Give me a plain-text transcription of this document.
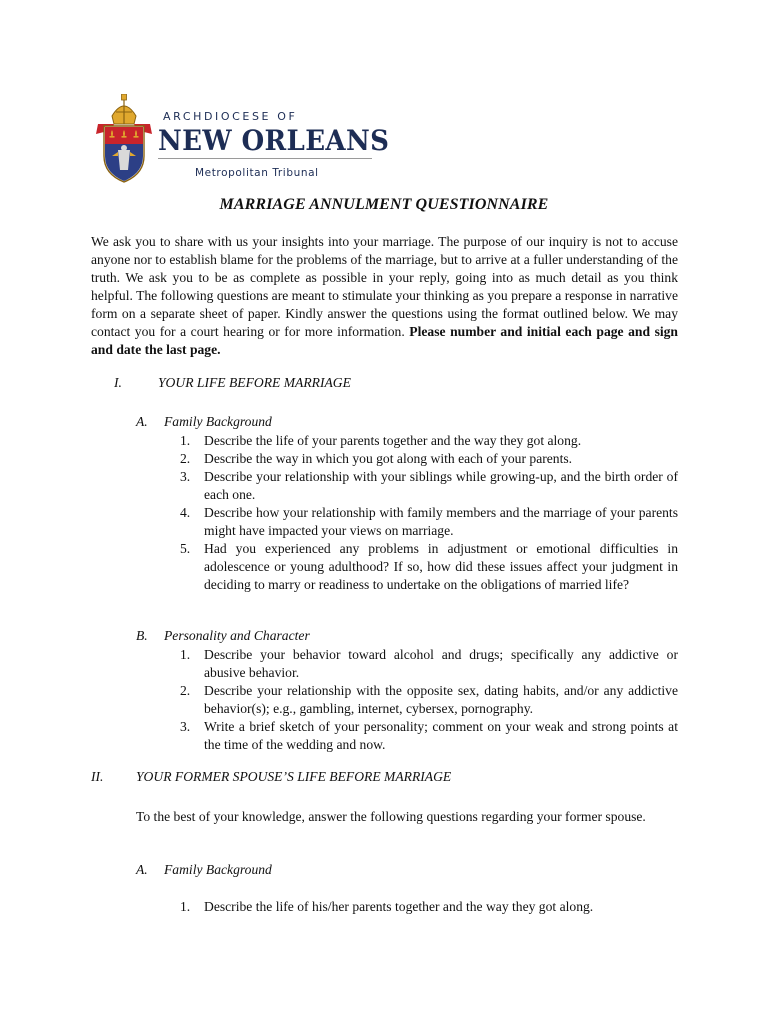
ARCHDIOCESE OF
NEW ORLEANS
Metropolitan Tribunal
MARRIAGE ANNULMENT QUESTIONNAIRE
We ask you to share with us your insights into your marriage. The purpose of our inquiry is not to accuse anyone nor to establish blame for the problems of the marriage, but to arrive at a fuller understanding of the truth. We ask you to be as complete as possible in your reply, going into as much detail as you think helpful. The following questions are meant to stimulate your thinking as you prepare a response in narrative form on a separate sheet of paper. Kindly answer the questions using the format outlined below. We may contact you for a court hearing or for more information. Please number and initial each page and sign and date the last page.
I.	YOUR LIFE BEFORE MARRIAGE
A. Family Background
1. Describe the life of your parents together and the way they got along.
2. Describe the way in which you got along with each of your parents.
3. Describe your relationship with your siblings while growing-up, and the birth order of each one.
4. Describe how your relationship with family members and the marriage of your parents might have impacted your views on marriage.
5. Had you experienced any problems in adjustment or emotional difficulties in adolescence or young adulthood? If so, how did these issues affect your judgment in deciding to marry or readiness to undertake on the obligations of married life?
B. Personality and Character
1. Describe your behavior toward alcohol and drugs; specifically any addictive or abusive behavior.
2. Describe your relationship with the opposite sex, dating habits, and/or any addictive behavior(s); e.g., gambling, internet, cybersex, pornography.
3. Write a brief sketch of your personality; comment on your weak and strong points at the time of the wedding and now.
II. YOUR FORMER SPOUSE’S LIFE BEFORE MARRIAGE
To the best of your knowledge, answer the following questions regarding your former spouse.
A. Family Background
1. Describe the life of his/her parents together and the way they got along.
